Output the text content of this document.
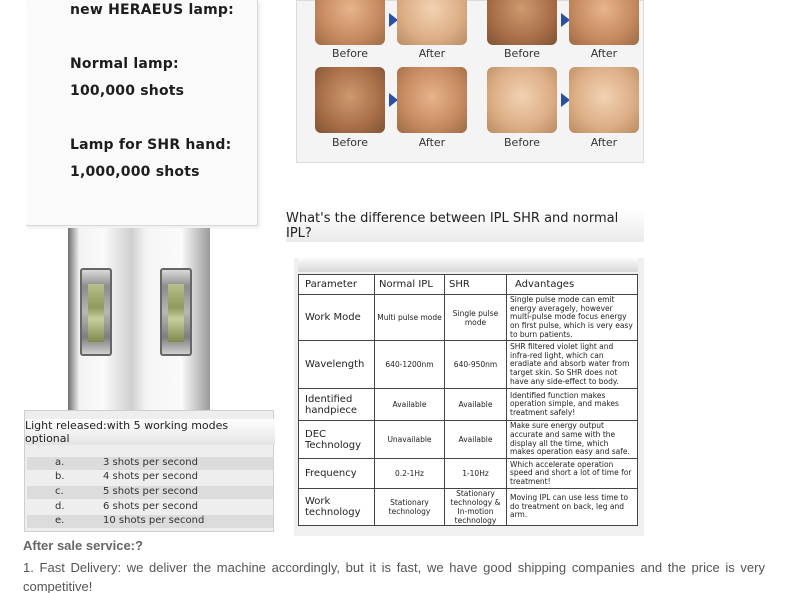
new HERAEUS lamp:
Normal lamp:
100,000 shots
Lamp for SHR hand:
1,000,000 shots
Light released:with 5 working modes optional
a.	3 shots per second
b.	4 shots per second
c.	5 shots per second
d.	6 shots per second
e.	10 shots per second
Before	After	Before	After
Before	After	Before	After
What's the difference between IPL SHR and normal IPL?
Parameter	Normal IPL	SHR	Advantages
Work Mode	Multi pulse mode	Single pulse mode	Single pulse mode can emit energy averagely, however multi-pulse mode focus energy on first pulse, which is very easy to burn patients.
Wavelength	640-1200nm	640-950nm	SHR filtered violet light and infra-red light, which can eradiate and absorb water from target skin. So SHR does not have any side-effect to body.
Identified handpiece	Available	Available	Identified function makes operation simple, and makes treatment safely!
DEC Technology	Unavailable	Available	Make sure energy output accurate and same with the display all the time, which makes operation easy and safe.
Frequency	0.2-1Hz	1-10Hz	Which accelerate operation speed and short a lot of time for treatment!
Work technology	Stationary technology	Stationary technology & In-motion technology	Moving IPL can use less time to do treatment on back, leg and arm.
After sale service:?
1. Fast Delivery: we deliver the machine accordingly, but it is fast, we have good shipping companies and the price is very competitive!
